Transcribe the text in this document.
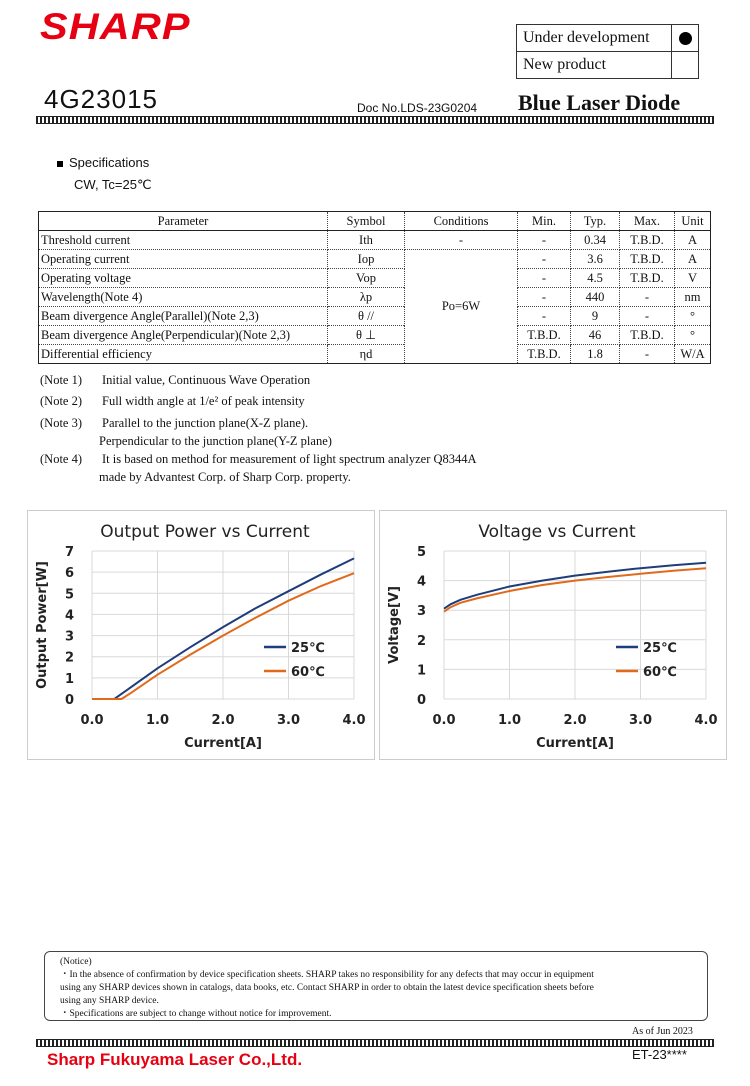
SHARP	Under development	
New product	
4G23015	Doc No.LDS-23G0204 Blue Laser Diode
Specifications
CW, Tc=25℃
Parameter	Symbol	Conditions	Min.	Typ.	Max.	Unit
Threshold current	Ith	-	-	0.34	T.B.D.	A
Operating current	Iop	Po=6W	-	3.6	T.B.D.	A
Operating voltage	Vop		-	4.5	T.B.D.	V
Wavelength(Note 4)	λp		-	440	-	nm
Beam divergence Angle(Parallel)(Note 2,3)	θ //		-	9	-	°
Beam divergence Angle(Perpendicular)(Note 2,3)	θ ⊥		T.B.D.	46	T.B.D.	°
Differential efficiency	ηd		T.B.D.	1.8	-	W/A
(Note 1) Initial value, Continuous Wave Operation
(Note 2) Full width angle at 1/e² of peak intensity
(Note 3) Parallel to the junction plane(X-Z plane).
Perpendicular to the junction plane(Y-Z plane)
(Note 4) It is based on method for measurement of light spectrum analyzer Q8344A
made by Advantest Corp. of Sharp Corp. property.
Output Power vs Current
0
1
2
3
4
5
6
7
0.0	1.0	2.0	3.0	4.0
Current[A]
Output Power[W]	25℃
60℃
Voltage vs Current
0
1
2
3
4
5
0.0	1.0	2.0	3.0	4.0
Current[A]
Voltage[V]	25℃
60℃
(Notice)
・In the absence of confirmation by device specification sheets. SHARP takes no responsibility for any defects that may occur in equipment
using any SHARP devices shown in catalogs, data books, etc. Contact SHARP in order to obtain the latest device specification sheets before
using any SHARP device.
・Specifications are subject to change without notice for improvement.
As of Jun 2023
Sharp Fukuyama Laser Co.,Ltd.	ET-23****
